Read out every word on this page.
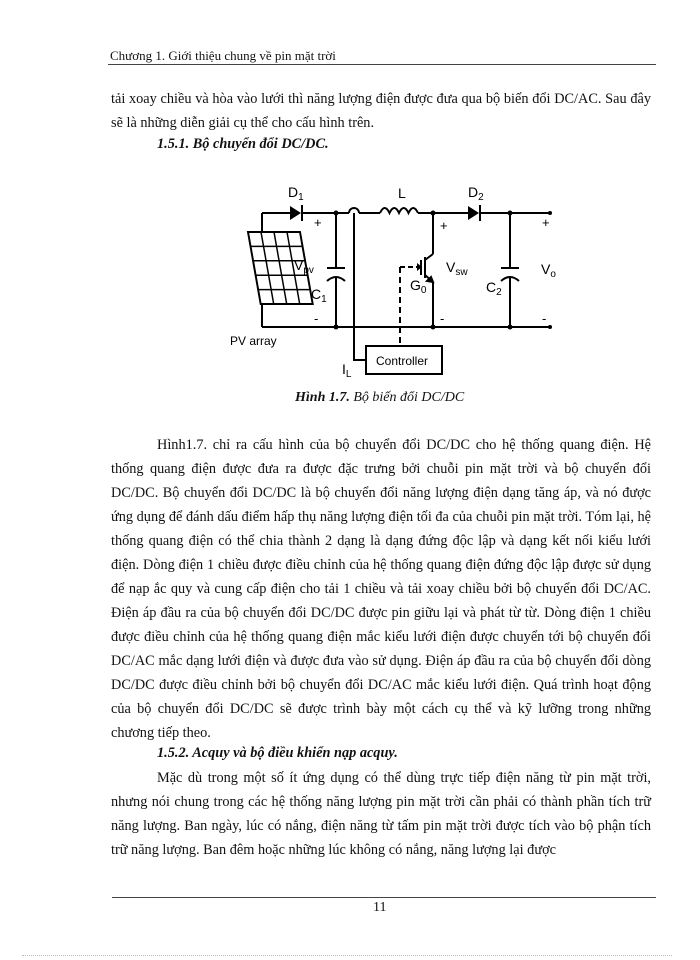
Chương 1. Giới thiệu chung về pin mặt trời

tải xoay chiều và hòa vào lưới thì năng lượng điện được đưa qua bộ biến đổi DC/AC. Sau đây sẽ là những diễn giải cụ thể cho cấu hình trên.

1.5.1. Bộ chuyển đổi DC/DC.

$D_1$	L	$D_2$
+	+	+
$V_{pv}$
$C_1$
$V_{sw}$
$G_0$	$C_2$
$V_o$
-	-	-
PV array
$I_L$
Controller
Hình 1.7. Bộ biến đổi DC/DC

Hình1.7. chỉ ra cấu hình của bộ chuyển đổi DC/DC cho hệ thống quang điện. Hệ thống quang điện được đưa ra được đặc trưng bởi chuỗi pin mặt trời và bộ chuyển đổi DC/DC. Bộ chuyển đổi DC/DC là bộ chuyển đổi năng lượng điện dạng tăng áp, và nó được ứng dụng để đánh dấu điểm hấp thụ năng lượng điện tối đa của chuỗi pin mặt trời. Tóm lại, hệ thống quang điện có thể chia thành 2 dạng là dạng đứng độc lập và dạng kết nối kiểu lưới điện. Dòng điện 1 chiều được điều chỉnh của hệ thống quang điện đứng độc lập được sử dụng để nạp ắc quy và cung cấp điện cho tải 1 chiều và tải xoay chiều bởi bộ chuyển đổi DC/AC. Điện áp đầu ra của bộ chuyển đổi DC/DC được pin giữu lại và phát từ từ. Dòng điện 1 chiều được điều chỉnh của hệ thống quang điện mắc kiểu lưới điện được chuyển tới bộ chuyển đổi DC/AC mắc dạng lưới điện và được đưa vào sử dụng. Điện áp đầu ra của bộ chuyển đổi dòng DC/DC được điều chỉnh bởi bộ chuyển đổi DC/AC mắc kiểu lưới điện. Quá trình hoạt động của bộ chuyển đổi DC/DC sẽ được trình bày một cách cụ thể và kỹ lưỡng trong những chương tiếp theo.

1.5.2. Acquy và bộ điều khiển nạp acquy.

Mặc dù trong một số ít ứng dụng có thể dùng trực tiếp điện năng từ pin mặt trời, nhưng nói chung trong các hệ thống năng lượng pin mặt trời cần phải có thành phần tích trữ năng lượng. Ban ngày, lúc có nắng, điện năng từ tấm pin mặt trời được tích vào bộ phận tích trữ năng lượng. Ban đêm hoặc những lúc không có nắng, năng lượng lại được

11
